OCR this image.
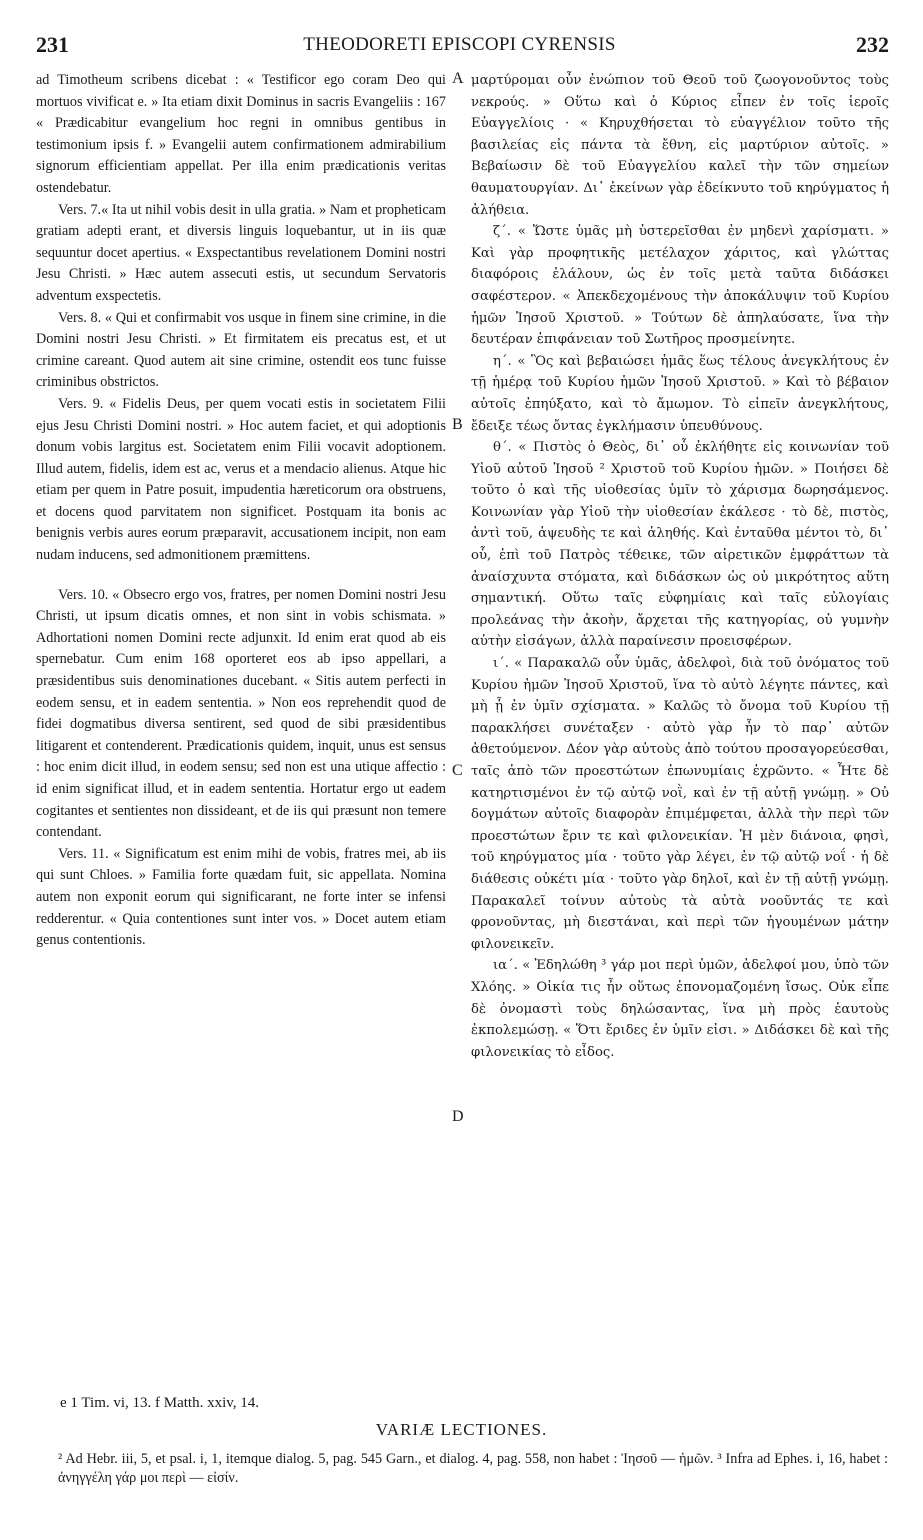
231	THEODORETI EPISCOPI CYRENSIS	232

ad Timotheum scribens dicebat : « Testificor ego coram Deo qui mortuos vivificat e. » Ita etiam dixit Dominus in sacris Evangeliis : 167 « Prædicabitur evangelium hoc regni in omnibus gentibus in testimonium ipsis f. » Evangelii autem confirmationem admirabilium signorum efficientiam appellat. Per illa enim prædicationis veritas ostendebatur.

Vers. 7.« Ita ut nihil vobis desit in ulla gratia. » Nam et propheticam gratiam adepti erant, et diversis linguis loquebantur, ut in iis quæ sequuntur docet apertius. « Exspectantibus revelationem Domini nostri Jesu Christi. » Hæc autem assecuti estis, ut secundum Servatoris adventum exspectetis.

Vers. 8. « Qui et confirmabit vos usque in finem sine crimine, in die Domini nostri Jesu Christi. » Et firmitatem eis precatus est, et ut crimine careant. Quod autem ait sine crimine, ostendit eos tunc fuisse criminibus obstrictos.

Vers. 9. « Fidelis Deus, per quem vocati estis in societatem Filii ejus Jesu Christi Domini nostri. » Hoc autem faciet, et qui adoptionis donum vobis largitus est. Societatem enim Filii vocavit adoptionem. Illud autem, fidelis, idem est ac, verus et a mendacio alienus. Atque hic etiam per quem in Patre posuit, impudentia hæreticorum ora obstruens, et docens quod parvitatem non significet. Postquam ita bonis ac benignis verbis aures eorum præparavit, accusationem incipit, non eam nudam inducens, sed admonitionem præmittens.

Vers. 10. « Obsecro ergo vos, fratres, per nomen Domini nostri Jesu Christi, ut ipsum dicatis omnes, et non sint in vobis schismata. » Adhortationi nomen Domini recte adjunxit. Id enim erat quod ab eis spernebatur. Cum enim 168 oporteret eos ab ipso appellari, a præsidentibus suis denominationes ducebant. « Sitis autem perfecti in eodem sensu, et in eadem sententia. » Non eos reprehendit quod de fidei dogmatibus diversa sentirent, sed quod de sibi præsidentibus litigarent et contenderent. Prædicationis quidem, inquit, unus est sensus : hoc enim dicit illud, in eodem sensu; sed non est una utique affectio : id enim significat illud, et in eadem sententia. Hortatur ergo ut eadem cogitantes et sentientes non dissideant, et de iis qui præsunt non temere contendant.

Vers. 11. « Significatum est enim mihi de vobis, fratres mei, ab iis qui sunt Chloes. » Familia forte quædam fuit, sic appellata. Nomina autem non exponit eorum qui significarant, ne forte inter se infensi redderentur. « Quia contentiones sunt inter vos. » Docet autem etiam genus contentionis.

A
B
C
D

μαρτύρομαι οὖν ἐνώπιον τοῦ Θεοῦ τοῦ ζωογονοῦντος τοὺς νεκρούς. » Οὕτω καὶ ὁ Κύριος εἶπεν ἐν τοῖς ἱεροῖς Εὐαγγελίοις · « Κηρυχθήσεται τὸ εὐαγγέλιον τοῦτο τῆς βασιλείας εἰς πάντα τὰ ἔθνη, εἰς μαρτύριον αὐτοῖς. » Βεβαίωσιν δὲ τοῦ Εὐαγγελίου καλεῖ τὴν τῶν σημείων θαυματουργίαν. Δι᾽ ἐκείνων γὰρ ἐδείκνυτο τοῦ κηρύγματος ἡ ἀλήθεια.

ζ΄. « Ὥστε ὑμᾶς μὴ ὑστερεῖσθαι ἐν μηδενὶ χαρίσματι. » Καὶ γὰρ προφητικῆς μετέλαχον χάριτος, καὶ γλώττας διαφόροις ἐλάλουν, ὡς ἐν τοῖς μετὰ ταῦτα διδάσκει σαφέστερον. « Ἀπεκδεχομένους τὴν ἀποκάλυψιν τοῦ Κυρίου ἡμῶν Ἰησοῦ Χριστοῦ. » Τούτων δὲ ἀπηλαύσατε, ἵνα τὴν δευτέραν ἐπιφάνειαν τοῦ Σωτῆρος προσμείνητε.

η΄. « Ὃς καὶ βεβαιώσει ἡμᾶς ἕως τέλους ἀνεγκλήτους ἐν τῇ ἡμέρᾳ τοῦ Κυρίου ἡμῶν Ἰησοῦ Χριστοῦ. » Καὶ τὸ βέβαιον αὐτοῖς ἐπηύξατο, καὶ τὸ ἄμωμον. Τὸ εἰπεῖν ἀνεγκλήτους, ἔδειξε τέως ὄντας ἐγκλήμασιν ὑπευθύνους.

θ΄. « Πιστὸς ὁ Θεὸς, δι᾽ οὗ ἐκλήθητε εἰς κοινωνίαν τοῦ Υἱοῦ αὐτοῦ Ἰησοῦ ² Χριστοῦ τοῦ Κυρίου ἡμῶν. » Ποιήσει δὲ τοῦτο ὁ καὶ τῆς υἱοθεσίας ὑμῖν τὸ χάρισμα δωρησάμενος. Κοινωνίαν γὰρ Υἱοῦ τὴν υἱοθεσίαν ἐκάλεσε · τὸ δὲ, πιστὸς, ἀντὶ τοῦ, ἀψευδὴς τε καὶ ἀληθής. Καὶ ἐνταῦθα μέντοι τὸ, δι᾽ οὗ, ἐπὶ τοῦ Πατρὸς τέθεικε, τῶν αἱρετικῶν ἐμφράττων τὰ ἀναίσχυντα στόματα, καὶ διδάσκων ὡς οὐ μικρότητος αὕτη σημαντική. Οὕτω ταῖς εὐφημίαις καὶ ταῖς εὐλογίαις προλεάνας τὴν ἀκοὴν, ἄρχεται τῆς κατηγορίας, οὐ γυμνὴν αὐτὴν εἰσάγων, ἀλλὰ παραίνεσιν προεισφέρων.

ι΄. « Παρακαλῶ οὖν ὑμᾶς, ἀδελφοὶ, διὰ τοῦ ὀνόματος τοῦ Κυρίου ἡμῶν Ἰησοῦ Χριστοῦ, ἵνα τὸ αὐτὸ λέγητε πάντες, καὶ μὴ ᾖ ἐν ὑμῖν σχίσματα. » Καλῶς τὸ ὄνομα τοῦ Κυρίου τῇ παρακλήσει συνέταξεν · αὐτὸ γὰρ ἦν τὸ παρ᾽ αὐτῶν ἀθετούμενον. Δέον γὰρ αὐτοὺς ἀπὸ τούτου προσαγορεύεσθαι, ταῖς ἀπὸ τῶν προεστώτων ἐπωνυμίαις ἐχρῶντο. « Ἦτε δὲ κατηρτισμένοι ἐν τῷ αὐτῷ νοῒ, καὶ ἐν τῇ αὐτῇ γνώμῃ. » Οὐ δογμάτων αὐτοῖς διαφορὰν ἐπιμέμφεται, ἀλλὰ τὴν περὶ τῶν προεστώτων ἔριν τε καὶ φιλονεικίαν. Ἡ μὲν διάνοια, φησὶ, τοῦ κηρύγματος μία · τοῦτο γὰρ λέγει, ἐν τῷ αὐτῷ νοΐ · ἡ δὲ διάθεσις οὐκέτι μία · τοῦτο γὰρ δηλοῖ, καὶ ἐν τῇ αὐτῇ γνώμῃ. Παρακαλεῖ τοίνυν αὐτοὺς τὰ αὐτὰ νοοῦντάς τε καὶ φρονοῦντας, μὴ διεστάναι, καὶ περὶ τῶν ἡγουμένων μάτην φιλονεικεῖν.

ια΄. « Ἐδηλώθη ³ γάρ μοι περὶ ὑμῶν, ἀδελφοί μου, ὑπὸ τῶν Χλόης. » Οἰκία τις ἦν οὕτως ἐπονομαζομένη ἴσως. Οὐκ εἶπε δὲ ὀνομαστὶ τοὺς δηλώσαντας, ἵνα μὴ πρὸς ἑαυτοὺς ἐκπολεμώσῃ. « Ὅτι ἔριδες ἐν ὑμῖν εἰσι. » Διδάσκει δὲ καὶ τῆς φιλονεικίας τὸ εἶδος.

e 1 Tim. vi, 13. f Matth. xxiv, 14.
VARIÆ LECTIONES.
² Ad Hebr. iii, 5, et psal. i, 1, itemque dialog. 5, pag. 545 Garn., et dialog. 4, pag. 558, non habet : Ἰησοῦ — ἡμῶν. ³ Infra ad Ephes. i, 16, habet : ἀνηγγέλη γάρ μοι περὶ — εἰσίν.
